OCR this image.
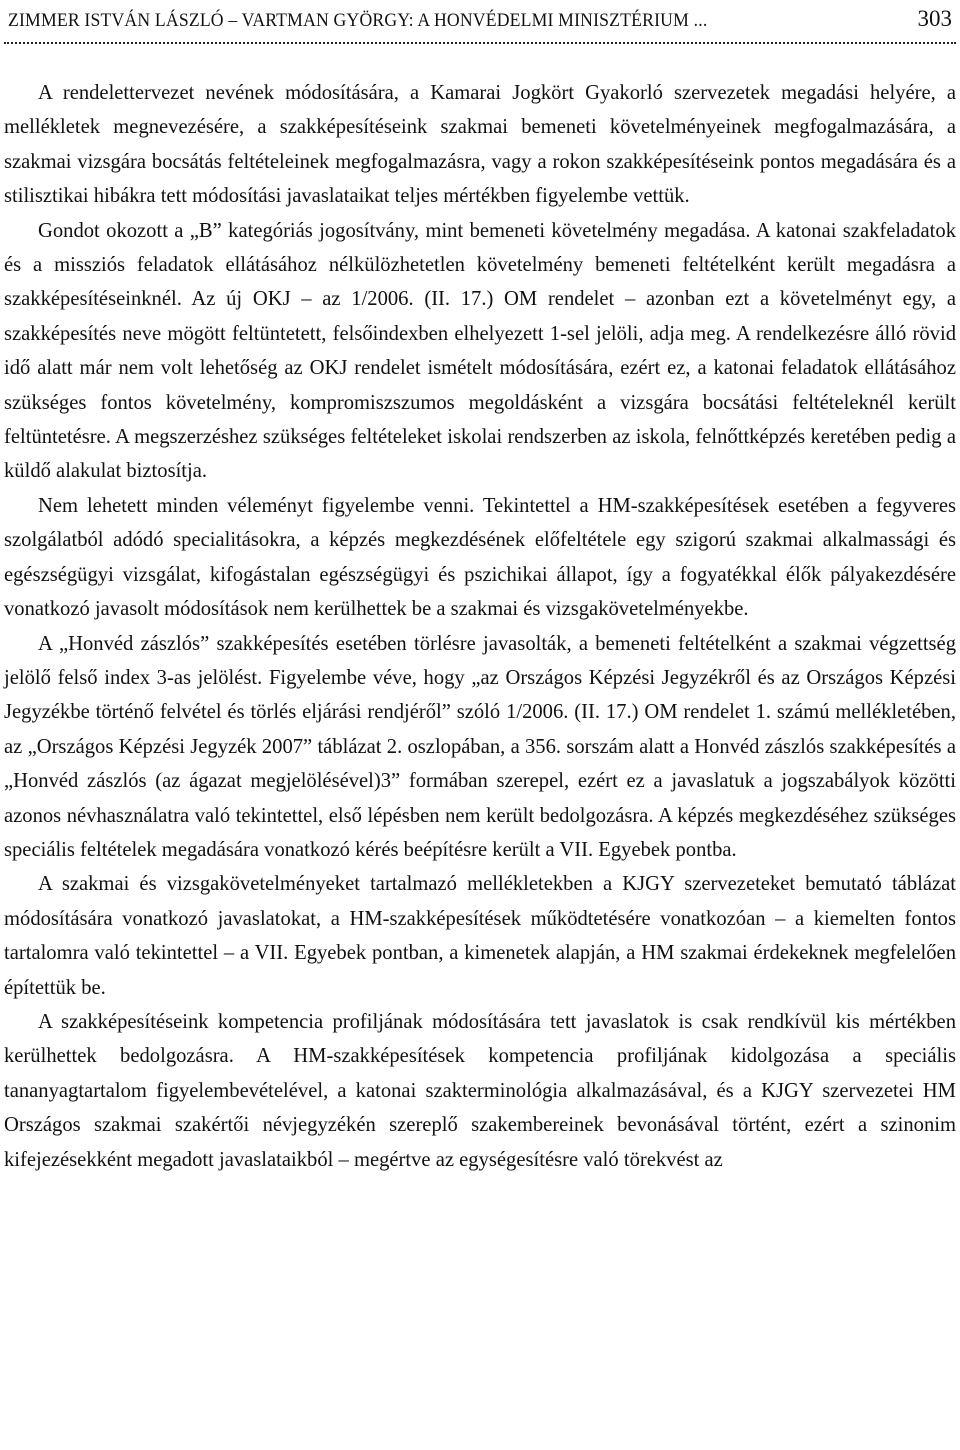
ZIMMER ISTVÁN LÁSZLÓ – VARTMAN GYÖRGY: A HONVÉDELMI MINISZTÉRIUM ...	303

A rendelettervezet nevének módosítására, a Kamarai Jogkört Gyakorló szervezetek megadási helyére, a mellékletek megnevezésére, a szakképesítéseink szakmai bemeneti követelményeinek megfogalmazására, a szakmai vizsgára bocsátás feltételeinek megfogalmazásra, vagy a rokon szakképesítéseink pontos megadására és a stilisztikai hibákra tett módosítási javaslataikat teljes mértékben figyelembe vettük.

Gondot okozott a „B” kategóriás jogosítvány, mint bemeneti követelmény megadása. A katonai szakfeladatok és a missziós feladatok ellátásához nélkülözhetetlen követelmény bemeneti feltételként került megadásra a szakképesítéseinknél. Az új OKJ – az 1/2006. (II. 17.) OM rendelet – azonban ezt a követelményt egy, a szakképesítés neve mögött feltüntetett, felsőindexben elhelyezett 1-sel jelöli, adja meg. A rendelkezésre álló rövid idő alatt már nem volt lehetőség az OKJ rendelet ismételt módosítására, ezért ez, a katonai feladatok ellátásához szükséges fontos követelmény, kompromiszszumos megoldásként a vizsgára bocsátási feltételeknél került feltüntetésre. A megszerzéshez szükséges feltételeket iskolai rendszerben az iskola, felnőttképzés keretében pedig a küldő alakulat biztosítja.

Nem lehetett minden véleményt figyelembe venni. Tekintettel a HM-szakképesítések esetében a fegyveres szolgálatból adódó specialitásokra, a képzés megkezdésének előfeltétele egy szigorú szakmai alkalmassági és egészségügyi vizsgálat, kifogástalan egészségügyi és pszichikai állapot, így a fogyatékkal élők pályakezdésére vonatkozó javasolt módosítások nem kerülhettek be a szakmai és vizsgakövetelményekbe.

A „Honvéd zászlós” szakképesítés esetében törlésre javasolták, a bemeneti feltételként a szakmai végzettség jelölő felső index 3-as jelölést. Figyelembe véve, hogy „az Országos Képzési Jegyzékről és az Országos Képzési Jegyzékbe történő felvétel és törlés eljárási rendjéről” szóló 1/2006. (II. 17.) OM rendelet 1. számú mellékletében, az „Országos Képzési Jegyzék 2007” táblázat 2. oszlopában, a 356. sorszám alatt a Honvéd zászlós szakképesítés a „Honvéd zászlós (az ágazat megjelölésével)3” formában szerepel, ezért ez a javaslatuk a jogszabályok közötti azonos névhasználatra való tekintettel, első lépésben nem került bedolgozásra. A képzés megkezdéséhez szükséges speciális feltételek megadására vonatkozó kérés beépítésre került a VII. Egyebek pontba.

A szakmai és vizsgakövetelményeket tartalmazó mellékletekben a KJGY szervezeteket bemutató táblázat módosítására vonatkozó javaslatokat, a HM-szakképesítések működtetésére vonatkozóan – a kiemelten fontos tartalomra való tekintettel – a VII. Egyebek pontban, a kimenetek alapján, a HM szakmai érdekeknek megfelelően építettük be.

A szakképesítéseink kompetencia profiljának módosítására tett javaslatok is csak rendkívül kis mértékben kerülhettek bedolgozásra. A HM-szakképesítések kompetencia profiljának kidolgozása a speciális tananyagtartalom figyelembevételével, a katonai szakterminológia alkalmazásával, és a KJGY szervezetei HM Országos szakmai szakértői névjegyzékén szereplő szakembereinek bevonásával történt, ezért a szinonim kifejezésekként megadott javaslataikból – megértve az egységesítésre való törekvést az
